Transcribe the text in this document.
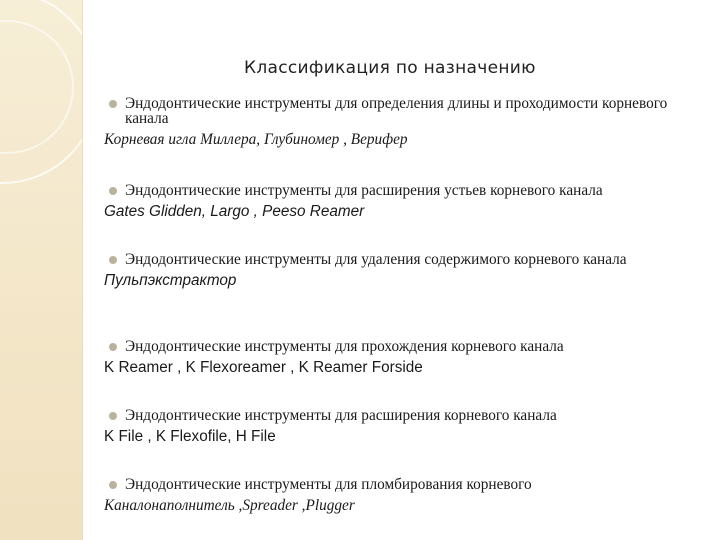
Классификация по назначению
Эндодонтические инструменты для определения длины и проходимости корневого канала
Корневая игла Миллера, Глубиномер , Верифер
Эндодонтические инструменты для расширения устьев корневого канала
Gates Glidden, Largo , Peeso Reamer
Эндодонтические инструменты для удаления содержимого корневого канала
Пульпэкстрактор
Эндодонтические инструменты для прохождения корневого канала
K Reamer , K Flexoreamer , K Reamer Forside
Эндодонтические инструменты для расширения корневого канала
K File , K Flexofile, H File
Эндодонтические инструменты для пломбирования корневого
Каналонаполнитель ,Spreader ,Plugger
